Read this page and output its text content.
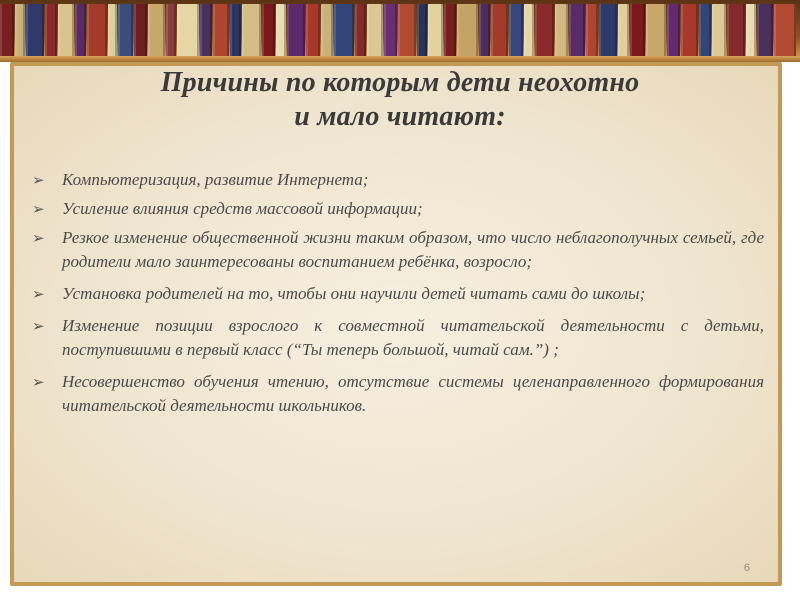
Причины по которым дети неохотно
и мало читают:
➢ Компьютеризация, развитие Интернета;
➢ Усиление влияния средств массовой информации;
➢ Резкое изменение общественной жизни таким образом, что число неблагополучных семьей, где родители мало заинтересованы воспитанием ребёнка, возросло;
➢ Установка родителей на то, чтобы они научили детей читать сами до школы;
➢ Изменение позиции взрослого к совместной читательской деятельности с детьми, поступившими в первый класс (“Ты теперь большой, читай сам.”) ;
➢ Несовершенство обучения чтению, отсутствие системы целенаправленного формирования читательской деятельности школьников.
6
